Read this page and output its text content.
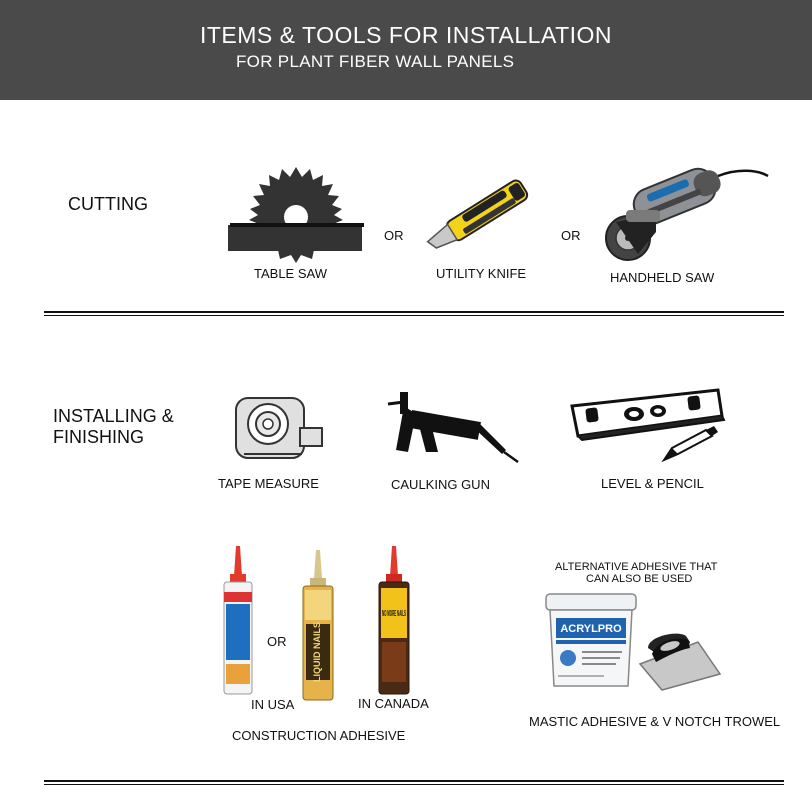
ITEMS & TOOLS FOR INSTALLATION
FOR PLANT FIBER WALL PANELS
CUTTING
TABLE SAW
OR
UTILITY KNIFE
OR
HANDHELD SAW
INSTALLING &
FINISHING
TAPE MEASURE	CAULKING GUN	LEVEL & PENCIL
Power Grab OR	LIQUID NAILS
NO MORE NAILS
IN USA	IN CANADA
CONSTRUCTION ADHESIVE
ALTERNATIVE ADHESIVE THAT
CAN ALSO BE USED
ACRYLPRO
MASTIC ADHESIVE & V NOTCH TROWEL
